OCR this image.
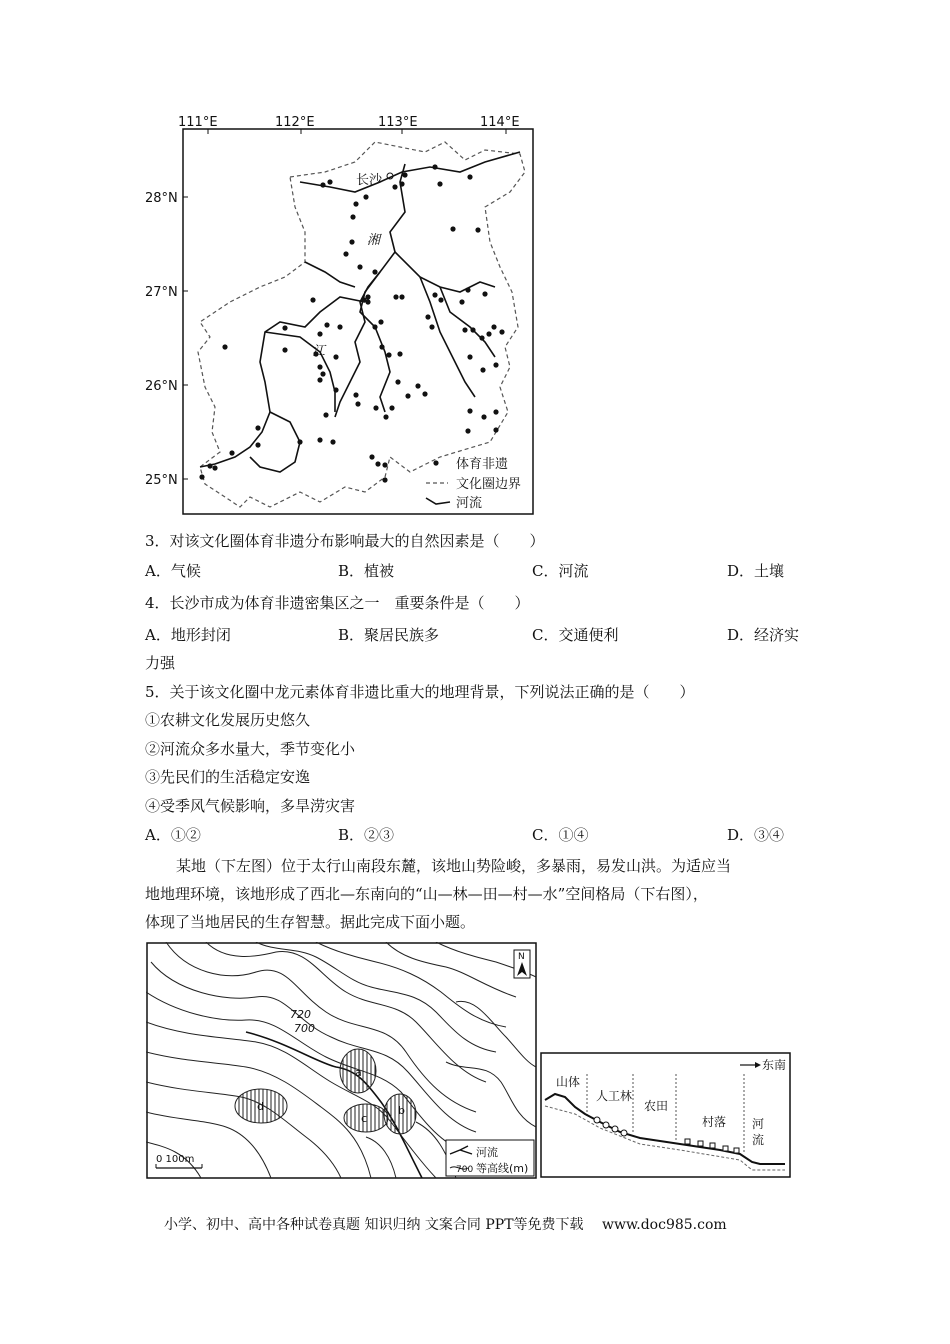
111°E	112°E	113°E	114°E
28°N
27°N
26°N
25°N
长沙
湘
江
体育非遗
文化圈边界
河流
3．对该文化圈体育非遗分布影响最大的自然因素是（　　）
A．气候	B．植被	C．河流	D．土壤
4．长沙市成为体育非遗密集区之一　重要条件是（　　）
A．地形封闭	B．聚居民族多	C．交通便利	D．经济实
力强
5．关于该文化圈中龙元素体育非遗比重大的地理背景，下列说法正确的是（　　）
①农耕文化发展历史悠久
②河流众多水量大，季节变化小
③先民们的生活稳定安逸
④受季风气候影响，多旱涝灾害
A．①②	B．②③	C．①④	D．③④
某地（下左图）位于太行山南段东麓，该地山势险峻，多暴雨，易发山洪。为适应当
地地理环境，该地形成了西北—东南向的“山—林—田—村—水”空间格局（下右图），
体现了当地居民的生存智慧。据此完成下面小题。
a
b
c
d
720
700
N
河流
700 等高线(m)
0 100m
东南
山体
人工林
农田
村落 河
流
小学、初中、高中各种试卷真题 知识归纳 文案合同 PPT等免费下载　 www.doc985.com
